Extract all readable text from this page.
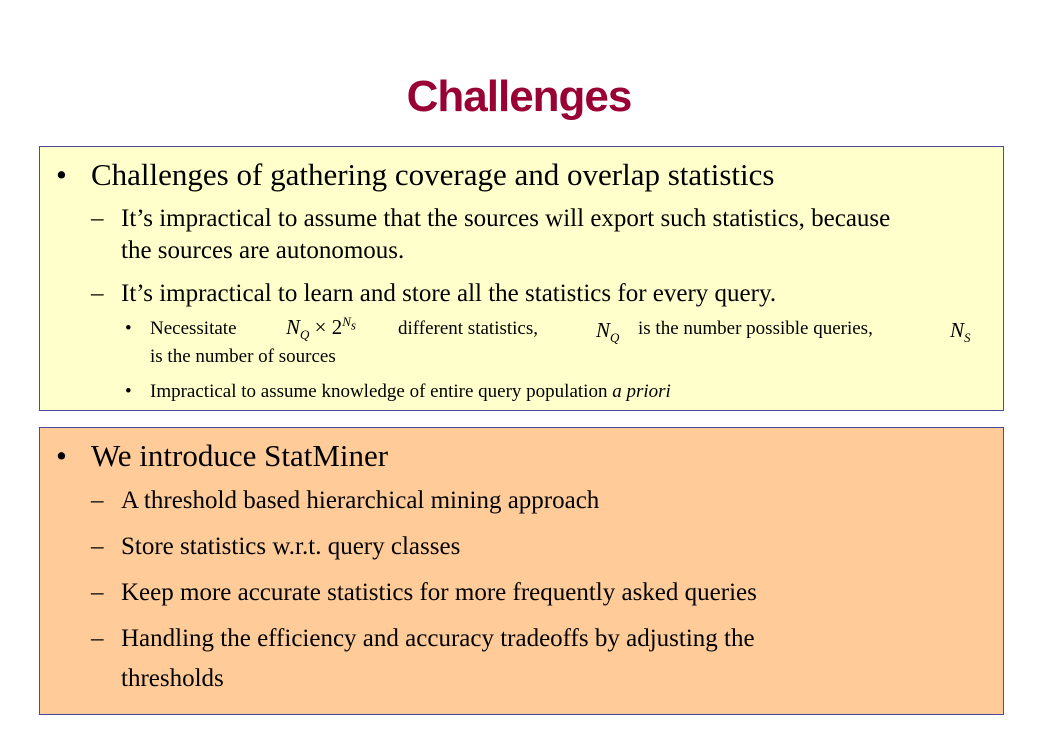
Challenges
• Challenges of gathering coverage and overlap statistics
– It’s impractical to assume that the sources will export such statistics, because
the sources are autonomous.
– It’s impractical to learn and store all the statistics for every query.
• Necessitate $N_Q \times 2^{N_s}$ different statistics,	$N_Q$ is the number possible queries,	$N_S$
is the number of sources
• Impractical to assume knowledge of entire query population a priori
• We introduce StatMiner
– A threshold based hierarchical mining approach
– Store statistics w.r.t. query classes
– Keep more accurate statistics for more frequently asked queries
– Handling the efficiency and accuracy tradeoffs by adjusting the
thresholds
